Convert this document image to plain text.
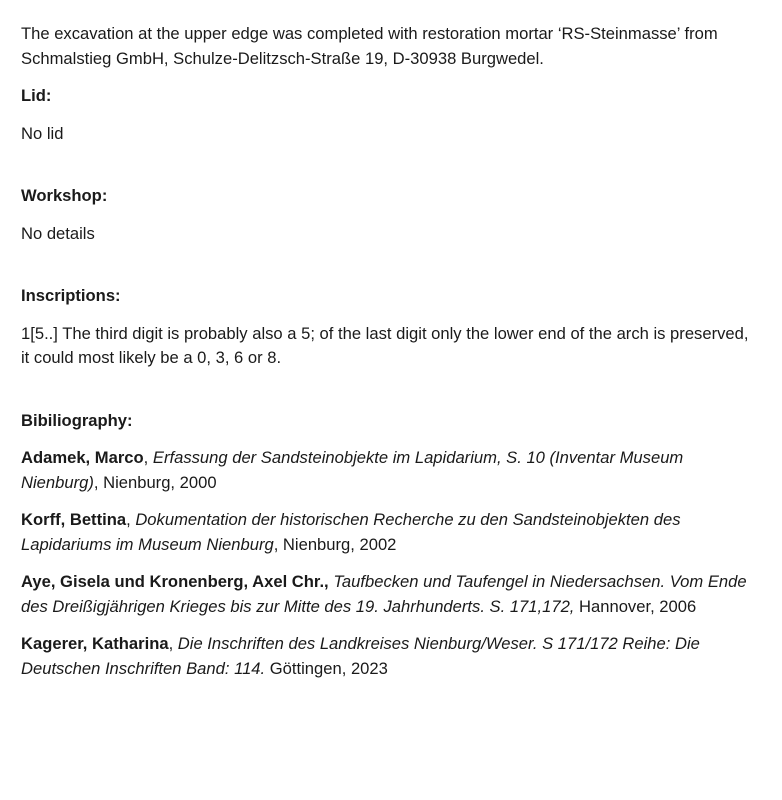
The excavation at the upper edge was completed with restoration mortar ‘RS-Steinmasse’ from Schmalstieg GmbH, Schulze-Delitzsch-Straße 19, D-30938 Burgwedel.

Lid:

No lid

Workshop:

No details

Inscriptions:

1[5..] The third digit is probably also a 5; of the last digit only the lower end of the arch is preserved, it could most likely be a 0, 3, 6 or 8.

Bibiliography:

Adamek, Marco, Erfassung der Sandsteinobjekte im Lapidarium, S. 10 (Inventar Museum Nienburg), Nienburg, 2000

Korff, Bettina, Dokumentation der historischen Recherche zu den Sandsteinobjekten des Lapidariums im Museum Nienburg, Nienburg, 2002

Aye, Gisela und Kronenberg, Axel Chr., Taufbecken und Taufengel in Niedersachsen. Vom Ende des Dreißigjährigen Krieges bis zur Mitte des 19. Jahrhunderts. S. 171,172, Hannover, 2006

Kagerer, Katharina, Die Inschriften des Landkreises Nienburg/Weser. S 171/172 Reihe: Die Deutschen Inschriften Band: 114. Göttingen, 2023
